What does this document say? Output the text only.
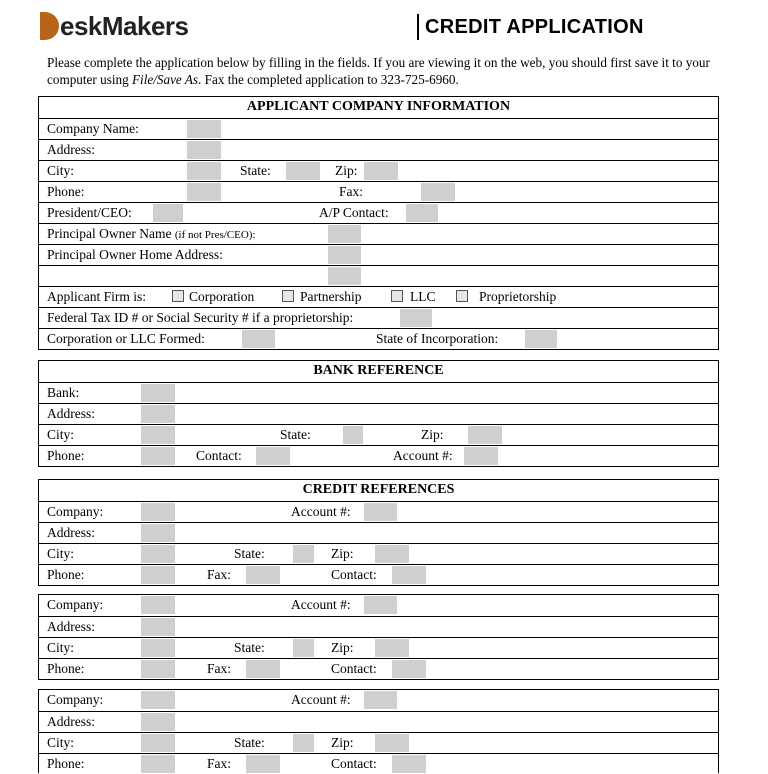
eskMakers	CREDIT APPLICATION
Please complete the application below by filling in the fields. If you are viewing it on the web, you should first save it to your computer using File/Save As. Fax the completed application to 323-725-6960.
APPLICANT COMPANY INFORMATION
Company Name:
Address:
City:	State:	Zip:
Phone:	Fax:
President/CEO:	A/P Contact:
Principal Owner Name (if not Pres/CEO):
Principal Owner Home Address:
Applicant Firm is:	Corporation	Partnership	LLC	Proprietorship
Federal Tax ID # or Social Security # if a proprietorship:
Corporation or LLC Formed:	State of Incorporation:
BANK REFERENCE
Bank:
Address:
City:	State:	Zip:
Phone:	Contact:	Account #:
CREDIT REFERENCES
Company:	Account #:
Address:
City:	State:	Zip:
Phone:	Fax:	Contact:
Company:	Account #:
Address:
City:	State:	Zip:
Phone:	Fax:	Contact:
Company:	Account #:
Address:
City:	State:	Zip:
Phone:	Fax:	Contact:
